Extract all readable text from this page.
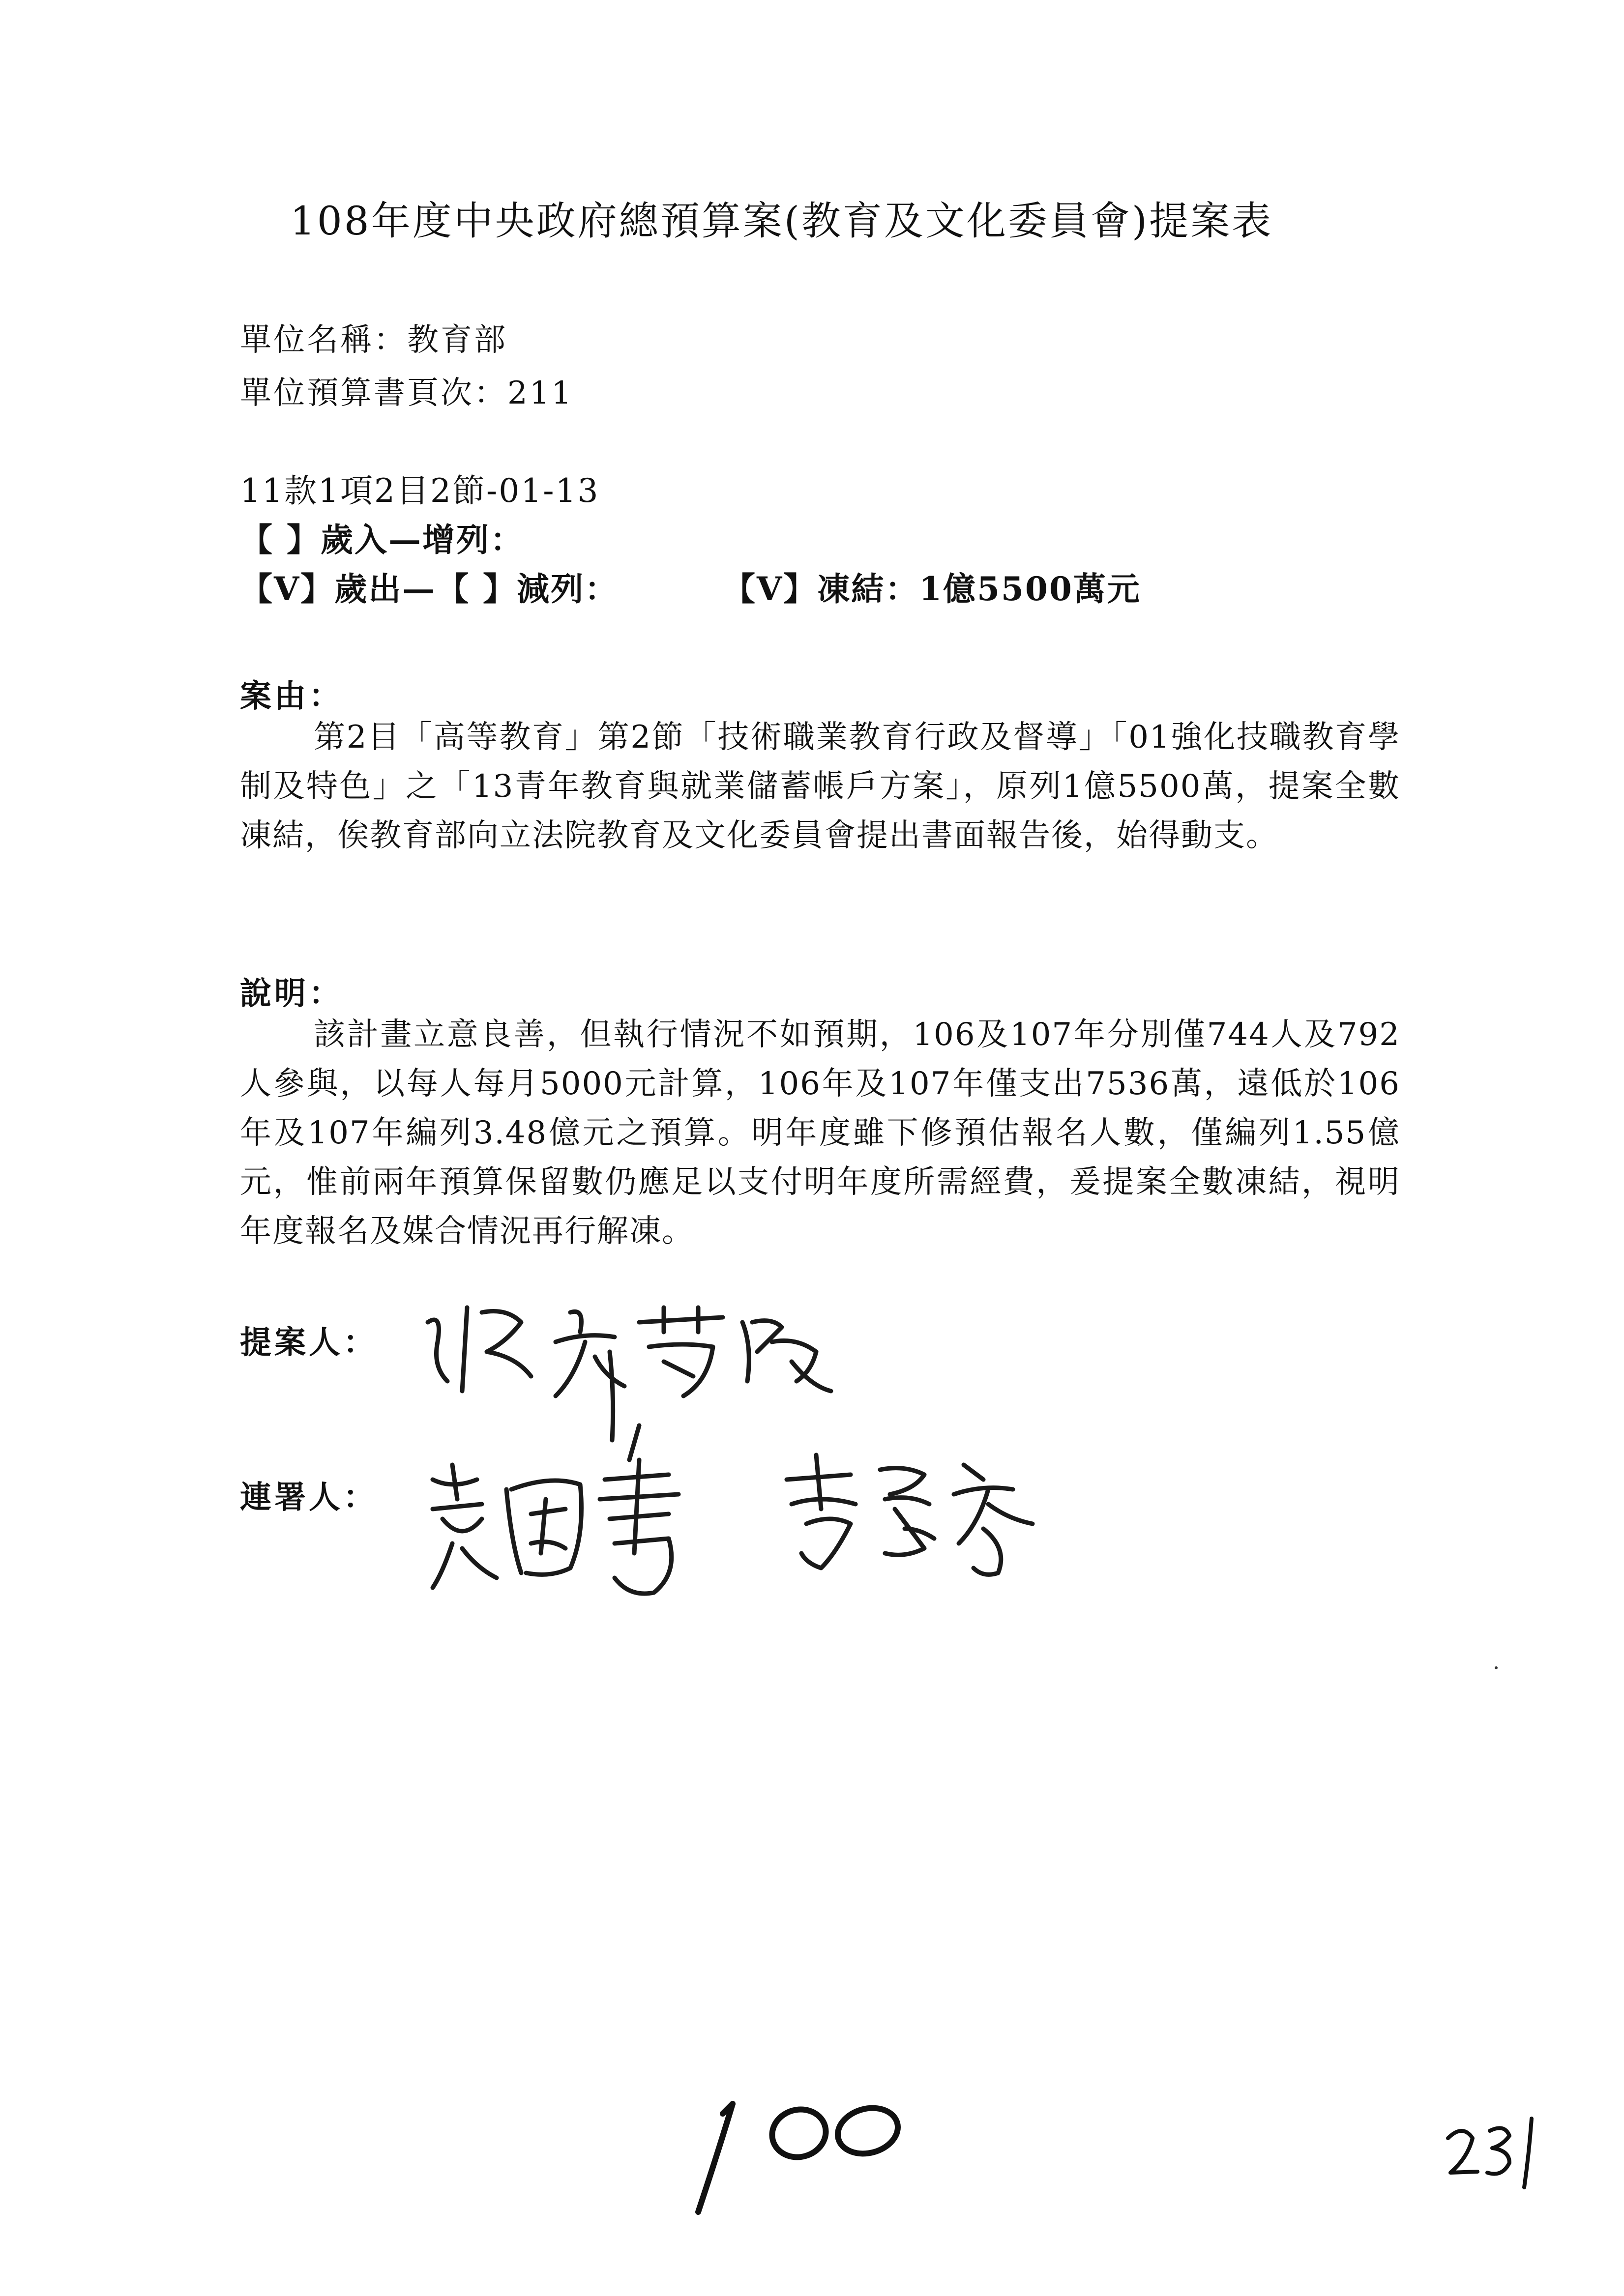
108年度中央政府總預算案(教育及文化委員會)提案表
單位名稱：教育部
單位預算書頁次：211
11款1項2目2節-01-13
【 】歲入—增列：
【V】歲出—【 】減列：	【V】凍結：1億5500萬元
案由：
第2目「高等教育」第2節「技術職業教育行政及督導」「01強化技職教育學制及特色」之「13青年教育與就業儲蓄帳戶方案」，原列1億5500萬，提案全數凍結，俟教育部向立法院教育及文化委員會提出書面報告後，始得動支。
說明：
該計畫立意良善，但執行情況不如預期，106及107年分別僅744人及792人參與，以每人每月5000元計算，106年及107年僅支出7536萬，遠低於106年及107年編列3.48億元之預算。明年度雖下修預估報名人數，僅編列1.55億元，惟前兩年預算保留數仍應足以支付明年度所需經費，爰提案全數凍結，視明年度報名及媒合情況再行解凍。
提案人：
連署人：
